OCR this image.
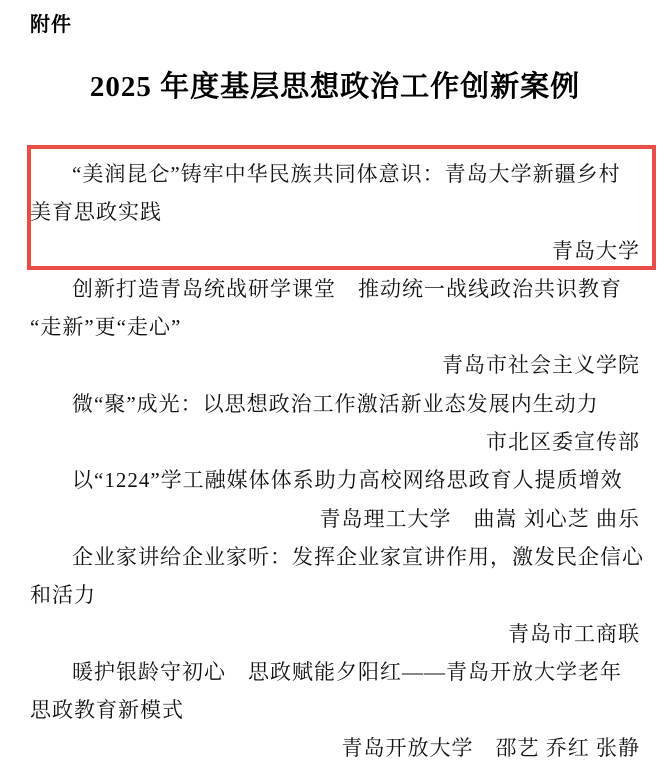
附件
2025 年度基层思想政治工作创新案例
“美润昆仑”铸牢中华民族共同体意识：青岛大学新疆乡村
美育思政实践
青岛大学
创新打造青岛统战研学课堂　推动统一战线政治共识教育
“走新”更“走心”
青岛市社会主义学院
微“聚”成光：以思想政治工作激活新业态发展内生动力
市北区委宣传部
以“1224”学工融媒体体系助力高校网络思政育人提质增效
青岛理工大学　曲嵩 刘心芝 曲乐
企业家讲给企业家听：发挥企业家宣讲作用，激发民企信心
和活力
青岛市工商联
暖护银龄守初心　思政赋能夕阳红——青岛开放大学老年
思政教育新模式
青岛开放大学　邵艺 乔红 张静
